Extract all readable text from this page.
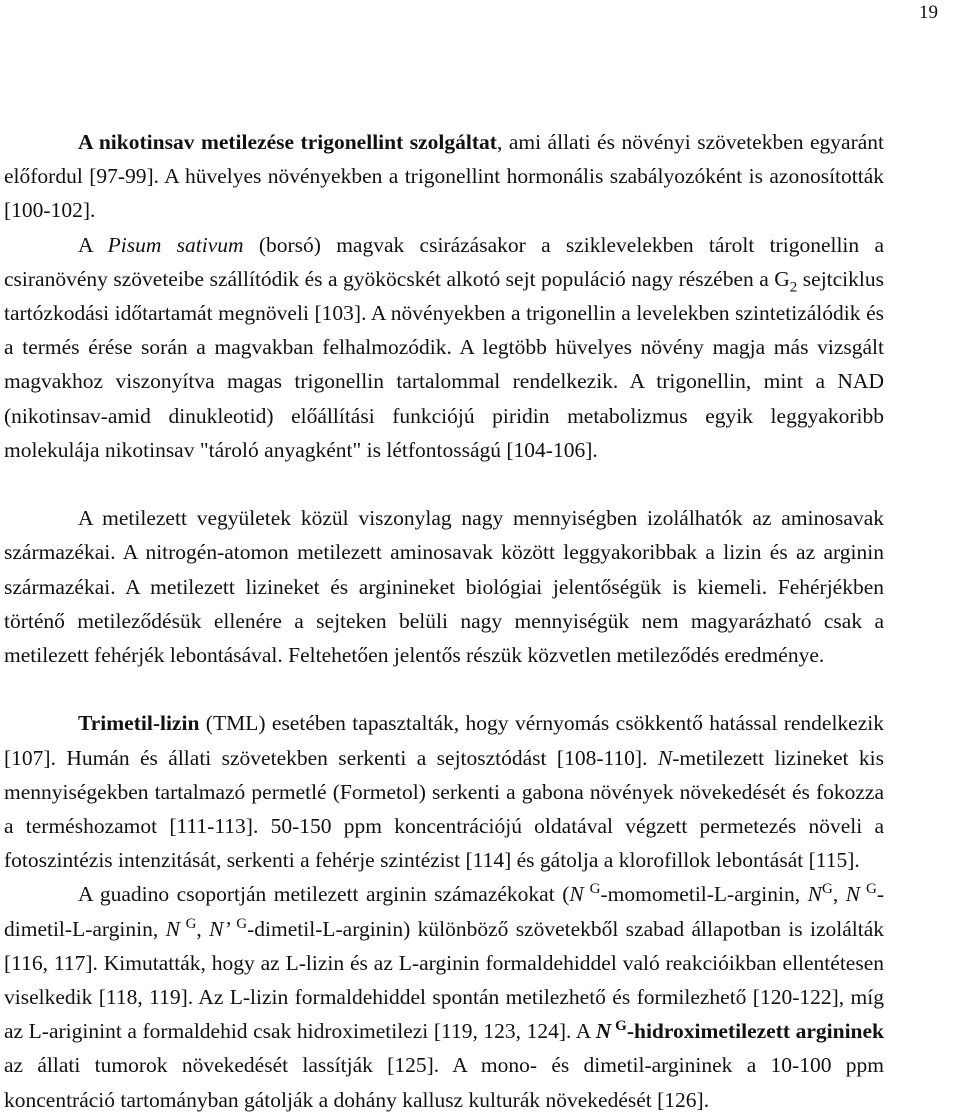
19

A nikotinsav metilezése trigonellint szolgáltat, ami állati és növényi szövetekben egyaránt előfordul [97-99]. A hüvelyes növényekben a trigonellint hormonális szabályozóként is azonosították [100-102].

A Pisum sativum (borsó) magvak csirázásakor a sziklevelekben tárolt trigonellin a csiranövény szöveteibe szállítódik és a gyököcskét alkotó sejt populáció nagy részében a $G_2$ sejtciklus tartózkodási időtartamát megnöveli [103]. A növényekben a trigonellin a levelekben szintetizálódik és a termés érése során a magvakban felhalmozódik. A legtöbb hüvelyes növény magja más vizsgált magvakhoz viszonyítva magas trigonellin tartalommal rendelkezik. A trigonellin, mint a NAD (nikotinsav-amid dinukleotid) előállítási funkciójú piridin metabolizmus egyik leggyakoribb molekulája nikotinsav "tároló anyagként" is létfontosságú [104-106].

A metilezett vegyületek közül viszonylag nagy mennyiségben izolálhatók az aminosavak származékai. A nitrogén-atomon metilezett aminosavak között leggyakoribbak a lizin és az arginin származékai. A metilezett lizineket és arginineket biológiai jelentőségük is kiemeli. Fehérjékben történő metileződésük ellenére a sejteken belüli nagy mennyiségük nem magyarázható csak a metilezett fehérjék lebontásával. Feltehetően jelentős részük közvetlen metileződés eredménye.

Trimetil-lizin (TML) esetében tapasztalták, hogy vérnyomás csökkentő hatással rendelkezik [107]. Humán és állati szövetekben serkenti a sejtosztódást [108-110]. N-metilezett lizineket kis mennyiségekben tartalmazó permetlé (Formetol) serkenti a gabona növények növekedését és fokozza a terméshozamot [111-113]. 50-150 ppm koncentrációjú oldatával végzett permetezés növeli a fotoszintézis intenzitását, serkenti a fehérje szintézist [114] és gátolja a klorofillok lebontását [115].

A guadino csoportján metilezett arginin számazékokat (N $^G$-momometil-L-arginin, $N^G$, N $^G$-dimetil-L-arginin, N $^G$, N’ $^G$-dimetil-L-arginin) különböző szövetekből szabad állapotban is izolálták [116, 117]. Kimutatták, hogy az L-lizin és az L-arginin formaldehiddel való reakcióikban ellentétesen viselkedik [118, 119]. Az L-lizin formaldehiddel spontán metilezhető és formilezhető [120-122], míg az L-ariginint a formaldehid csak hidroximetilezi [119, 123, 124]. A N $^G$-hidroximetilezett argininek az állati tumorok növekedését lassítják [125]. A mono- és dimetil-argininek a 10-100 ppm koncentráció tartományban gátolják a dohány kallusz kulturák növekedését [126].
